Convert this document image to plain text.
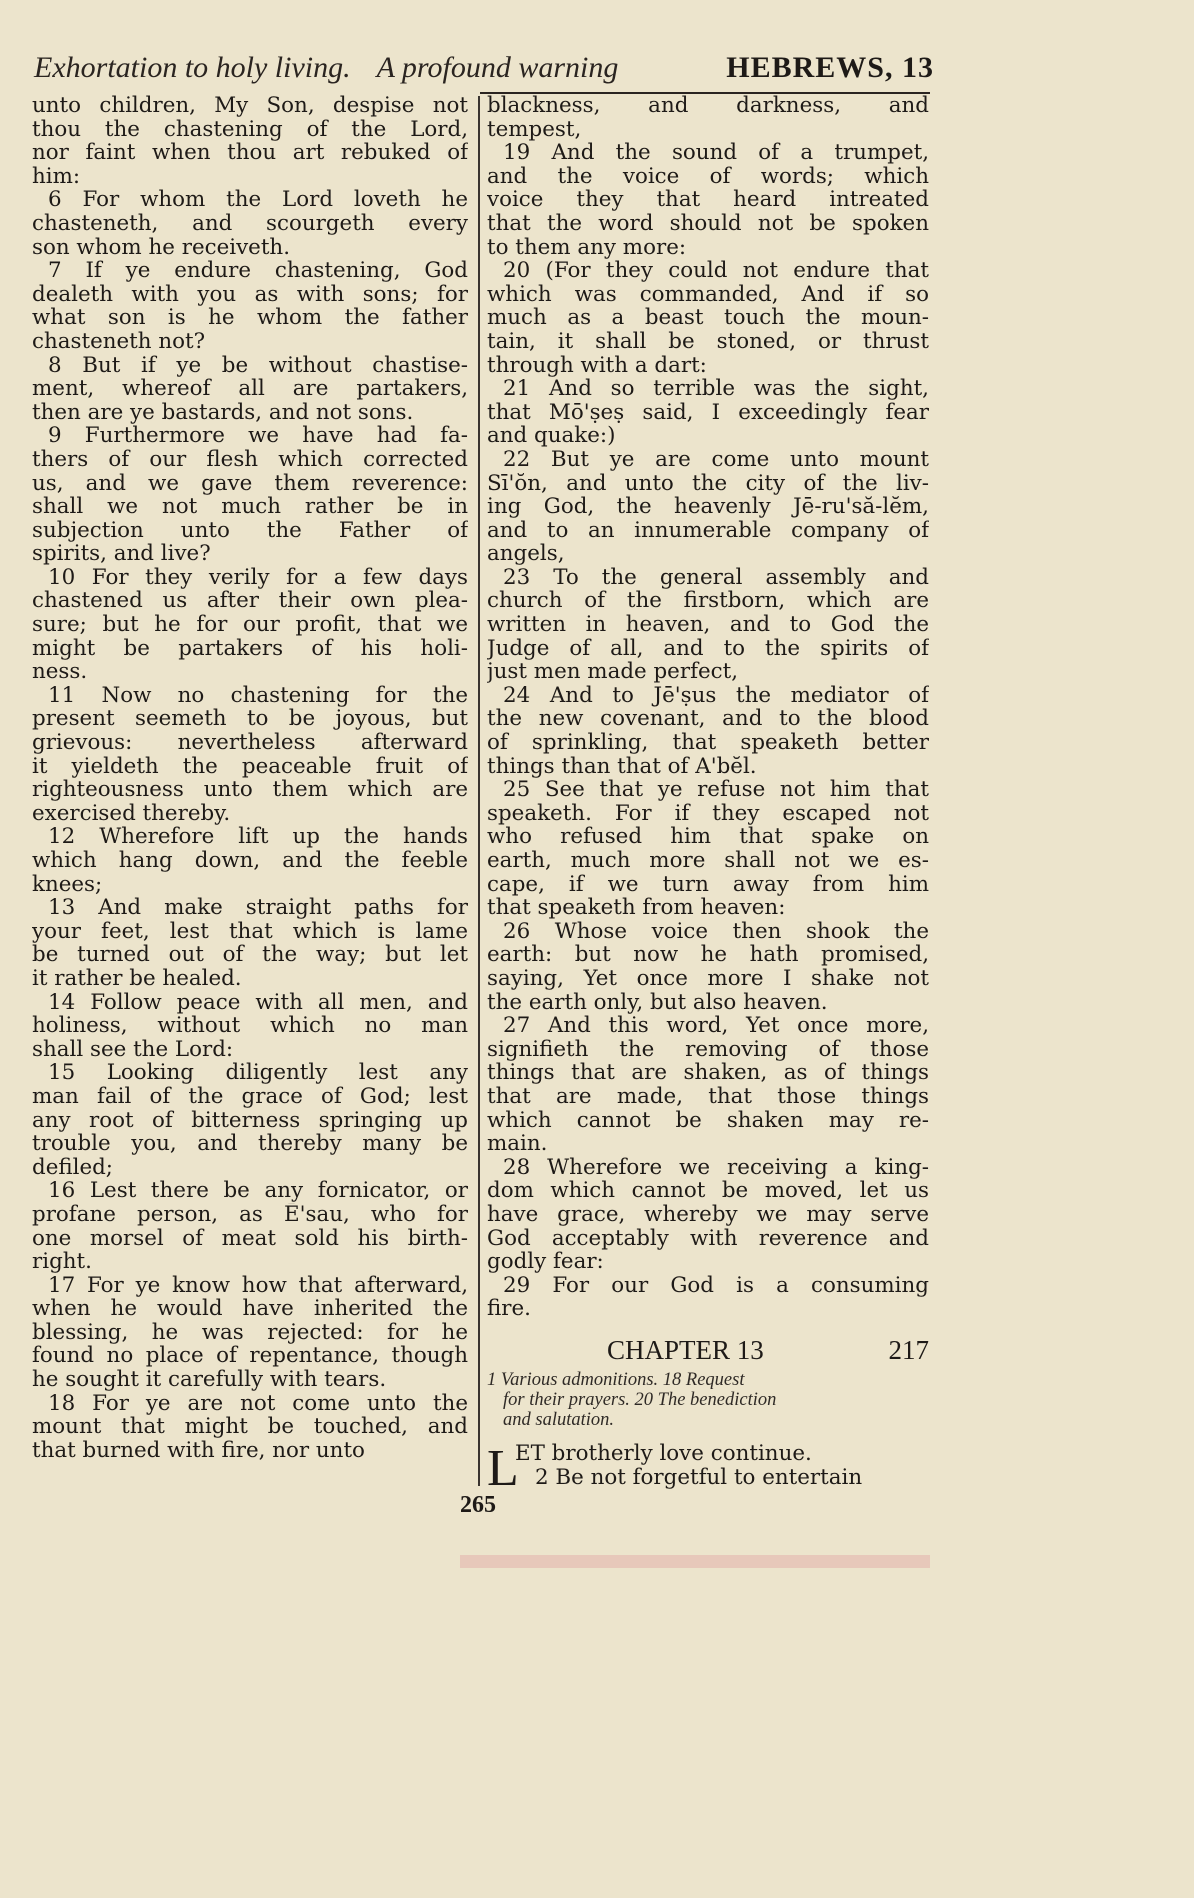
Exhortation to holy living. A profound warning	HEBREWS, 13
unto children, My Son, despise not
thou the chastening of the Lord,
nor faint when thou art rebuked of
him:
6 For whom the Lord loveth he
chasteneth, and scourgeth every
son whom he receiveth.
7 If ye endure chastening, God
dealeth with you as with sons; for
what son is he whom the father
chasteneth not?
8 But if ye be without chastise-
ment, whereof all are partakers,
then are ye bastards, and not sons.
9 Furthermore we have had fa-
thers of our flesh which corrected
us, and we gave them reverence:
shall we not much rather be in
subjection unto the Father of
spirits, and live?
10 For they verily for a few days
chastened us after their own plea-
sure; but he for our profit, that we
might be partakers of his holi-
ness.
11 Now no chastening for the
present seemeth to be joyous, but
grievous: nevertheless afterward
it yieldeth the peaceable fruit of
righteousness unto them which are
exercised thereby.
12 Wherefore lift up the hands
which hang down, and the feeble
knees;
13 And make straight paths for
your feet, lest that which is lame
be turned out of the way; but let
it rather be healed.
14 Follow peace with all men, and
holiness, without which no man
shall see the Lord:
15 Looking diligently lest any
man fail of the grace of God; lest
any root of bitterness springing up
trouble you, and thereby many be
defiled;
16 Lest there be any fornicator, or
profane person, as Ē'sau, who for
one morsel of meat sold his birth-
right.
17 For ye know how that afterward,
when he would have inherited the
blessing, he was rejected: for he
found no place of repentance, though
he sought it carefully with tears.
18 For ye are not come unto the
mount that might be touched, and
that burned with fire, nor unto
blackness, and darkness, and
tempest,
19 And the sound of a trumpet,
and the voice of words; which
voice they that heard intreated
that the word should not be spoken
to them any more:
20 (For they could not endure that
which was commanded, And if so
much as a beast touch the moun-
tain, it shall be stoned, or thrust
through with a dart:
21 And so terrible was the sight,
that Mō'ṣeṣ said, I exceedingly fear
and quake:)
22 But ye are come unto mount
Sī'ŏn, and unto the city of the liv-
ing God, the heavenly Jē-ru'să-lĕm,
and to an innumerable company of
angels,
23 To the general assembly and
church of the firstborn, which are
written in heaven, and to God the
Judge of all, and to the spirits of
just men made perfect,
24 And to Jē'ṣus the mediator of
the new covenant, and to the blood
of sprinkling, that speaketh better
things than that of Ā'bĕl.
25 See that ye refuse not him that
speaketh. For if they escaped not
who refused him that spake on
earth, much more shall not we es-
cape, if we turn away from him
that speaketh from heaven:
26 Whose voice then shook the
earth: but now he hath promised,
saying, Yet once more I shake not
the earth only, but also heaven.
27 And this word, Yet once more,
signifieth the removing of those
things that are shaken, as of things
that are made, that those things
which cannot be shaken may re-
main.
28 Wherefore we receiving a king-
dom which cannot be moved, let us
have grace, whereby we may serve
God acceptably with reverence and
godly fear:
29 For our God is a consuming
fire.
CHAPTER 13	217
1 Various admonitions. 18 Request
for their prayers. 20 The benediction
and salutation.
L
ET brotherly love continue.
2 Be not forgetful to entertain
265
